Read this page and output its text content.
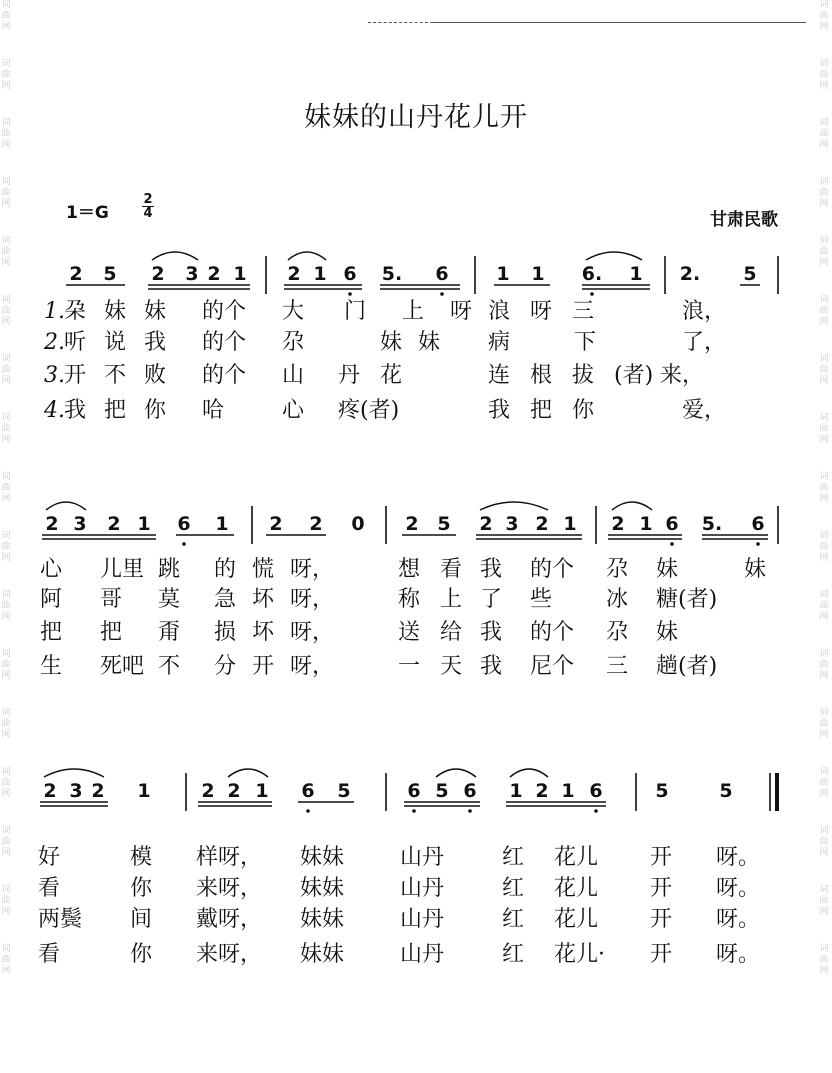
词曲网
词曲网
词曲网
词曲网
词曲网
词曲网
词曲网
词曲网
词曲网
词曲网
词曲网
词曲网
词曲网
词曲网
词曲网
词曲网
词曲网
词曲网
词曲网
词曲网
词曲网
词曲网
词曲网
词曲网
词曲网
词曲网
词曲网
词曲网
词曲网
词曲网
词曲网
词曲网
词曲网
词曲网
妹妹的山丹花儿开
1＝G
2
4	甘肃民歌
2 5 2 3 2 1 2 1 6 5. 6	1 1 6. 1 2. 5
2 3 2 1 6 1 2 2 0 2 5 2 3 2 1 2 1 6 5. 6
2 3 2 1	2 2 1 6 5	6 5 6 1 2 1 6	5	5
1. 朶 妹 妹 的个 大 门 上 呀 浪 呀 三	浪，
2. 听 说 我 的个 尕	妹 妹 病	下	了，
3. 开 不 败 的个 山 丹 花	连 根 拔 (者) 来，
4. 我 把 你 哈	心 疼(者)	我 把 你	爱，
心 儿里 跳 的 慌 呀，	想 看 我 的个 尕 妹	妹
阿 哥 莫 急 坏 呀，	称 上 了 些 冰 糖(者)
把 把 甭 损 坏 呀，	送 给 我 的个 尕 妹
生 死吧 不 分 开 呀，	一 天 我 尼个 三 趟(者)
好	模 样呀， 妹妹	山丹	红 花儿 开 呀。
看	你 来呀， 妹妹	山丹	红 花儿 开 呀。
两鬓 间 戴呀， 妹妹	山丹	红 花儿 开 呀。
看	你 来呀， 妹妹	山丹	红 花儿· 开 呀。
